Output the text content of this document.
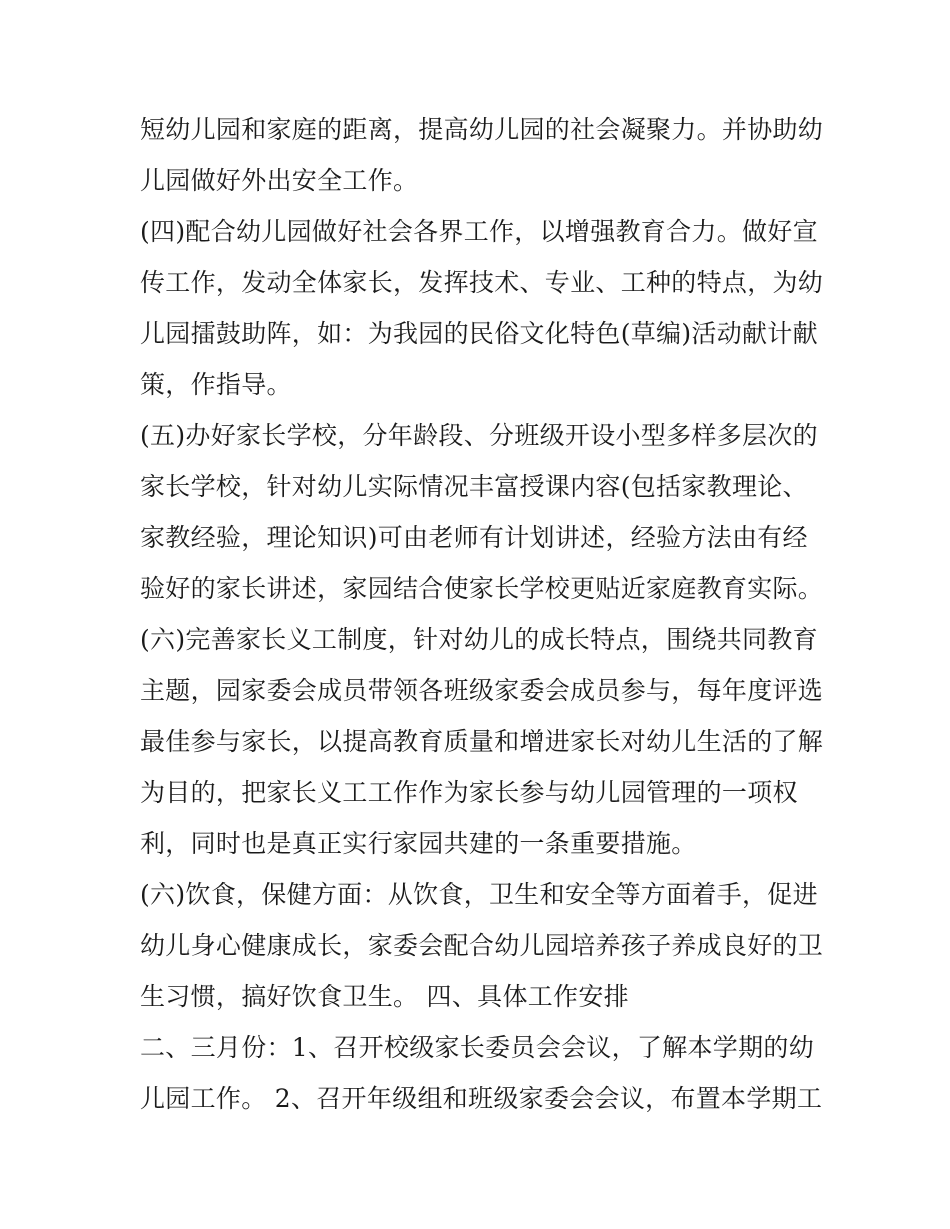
短幼儿园和家庭的距离，提高幼儿园的社会凝聚力。并协助幼
儿园做好外出安全工作。
(四)配合幼儿园做好社会各界工作，以增强教育合力。做好宣
传工作，发动全体家长，发挥技术、专业、工种的特点，为幼
儿园擂鼓助阵，如：为我园的民俗文化特色(草编)活动献计献
策，作指导。
(五)办好家长学校，分年龄段、分班级开设小型多样多层次的
家长学校，针对幼儿实际情况丰富授课内容(包括家教理论、
家教经验，理论知识)可由老师有计划讲述，经验方法由有经
验好的家长讲述，家园结合使家长学校更贴近家庭教育实际。
(六)完善家长义工制度，针对幼儿的成长特点，围绕共同教育
主题，园家委会成员带领各班级家委会成员参与，每年度评选
最佳参与家长，以提高教育质量和增进家长对幼儿生活的了解
为目的，把家长义工工作作为家长参与幼儿园管理的一项权
利，同时也是真正实行家园共建的一条重要措施。
(六)饮食，保健方面：从饮食，卫生和安全等方面着手，促进
幼儿身心健康成长，家委会配合幼儿园培养孩子养成良好的卫
生习惯，搞好饮食卫生。 四、具体工作安排
二、三月份：1、召开校级家长委员会会议，了解本学期的幼
儿园工作。 2、召开年级组和班级家委会会议，布置本学期工
